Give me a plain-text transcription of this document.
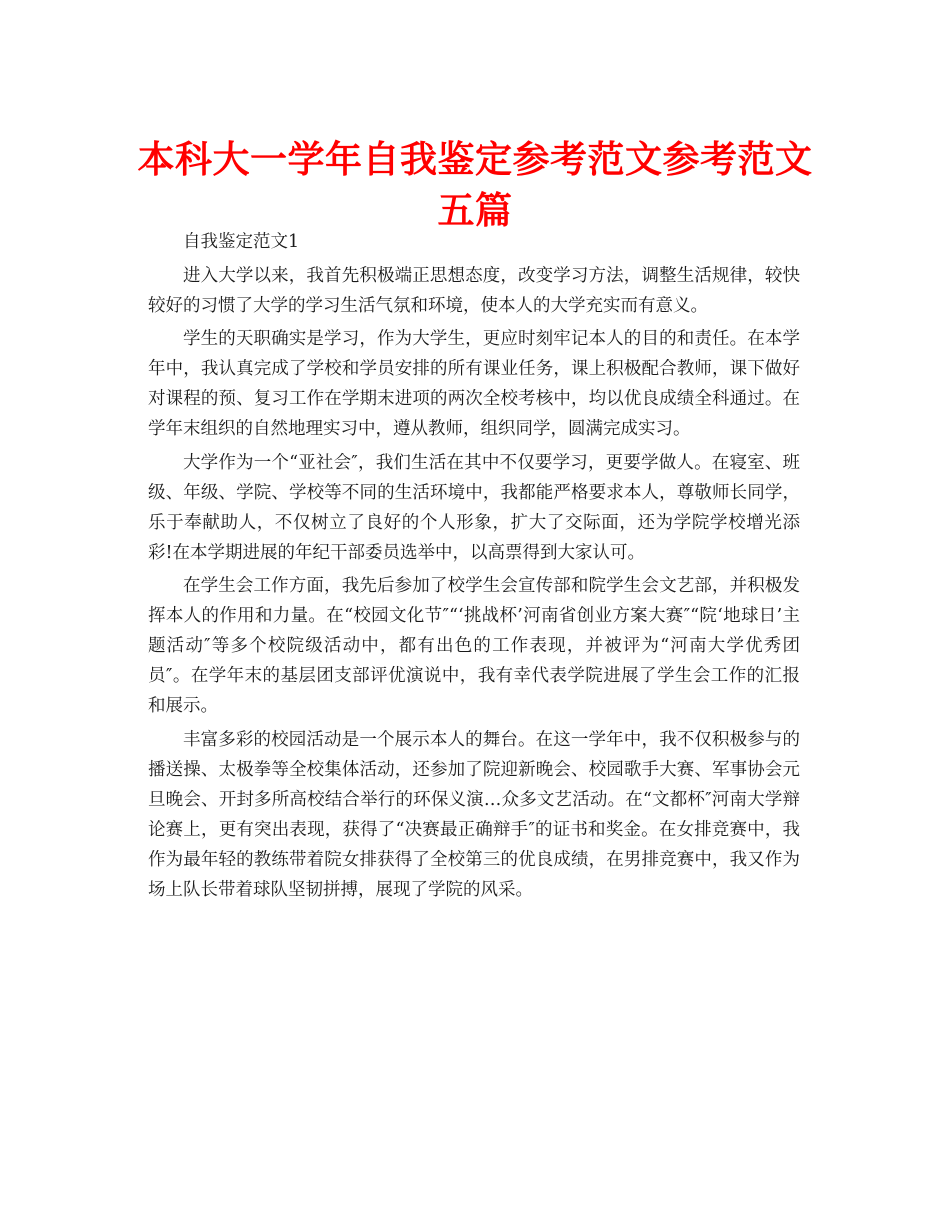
本科大一学年自我鉴定参考范文参考范文五篇

自我鉴定范文1

进入大学以来，我首先积极端正思想态度，改变学习方法，调整生活规律，较快较好的习惯了大学的学习生活气氛和环境，使本人的大学充实而有意义。

学生的天职确实是学习，作为大学生，更应时刻牢记本人的目的和责任。在本学年中，我认真完成了学校和学员安排的所有课业任务，课上积极配合教师，课下做好对课程的预、复习工作在学期末进项的两次全校考核中，均以优良成绩全科通过。在学年末组织的自然地理实习中，遵从教师，组织同学，圆满完成实习。

大学作为一个“亚社会″，我们生活在其中不仅要学习，更要学做人。在寝室、班级、年级、学院、学校等不同的生活环境中，我都能严格要求本人，尊敬师长同学，乐于奉献助人，不仅树立了良好的个人形象，扩大了交际面，还为学院学校增光添彩!在本学期进展的年纪干部委员选举中，以高票得到大家认可。

在学生会工作方面，我先后参加了校学生会宣传部和院学生会文艺部，并积极发挥本人的作用和力量。在“校园文化节″“‘挑战杯’河南省创业方案大赛″“院‘地球日’主题活动″等多个校院级活动中，都有出色的工作表现，并被评为“河南大学优秀团员″。在学年末的基层团支部评优演说中，我有幸代表学院进展了学生会工作的汇报和展示。

丰富多彩的校园活动是一个展示本人的舞台。在这一学年中，我不仅积极参与的播送操、太极拳等全校集体活动，还参加了院迎新晚会、校园歌手大赛、军事协会元旦晚会、开封多所高校结合举行的环保义演…众多文艺活动。在“文都杯″河南大学辩论赛上，更有突出表现，获得了“决赛最正确辩手″的证书和奖金。在女排竞赛中，我作为最年轻的教练带着院女排获得了全校第三的优良成绩，在男排竞赛中，我又作为场上队长带着球队坚韧拼搏，展现了学院的风采。
